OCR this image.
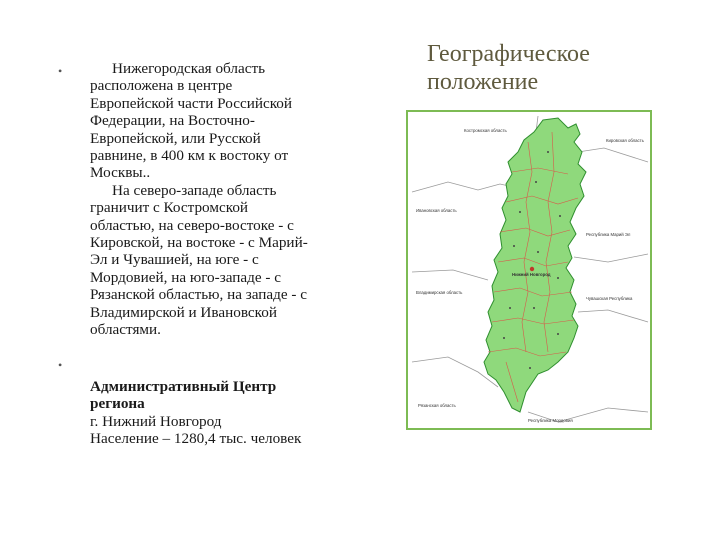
Географическое
положение
•	Нижегородская область
расположена в центре
Европейской части Российской
Федерации, на Восточно-
Европейской, или Русской
равнине, в 400 км к востоку от
Москвы..
На северо-западе область
граничит с Костромской
областью, на северо-востоке - с
Кировской, на востоке - с Марий-
Эл и Чувашией, на юге - с
Мордовией, на юго-западе - с
Рязанской областью, на западе - с
Владимирской и Ивановской
областями.
•
Административный Центр
региона
г. Нижний Новгород
Население – 1280,4 тыс. человек
Нижний Новгород
Костромская область
Кировская область
Ивановская область
Республика Марий Эл
Владимирская область
Чувашская Республика
Рязанская область
Республика Мордовия
